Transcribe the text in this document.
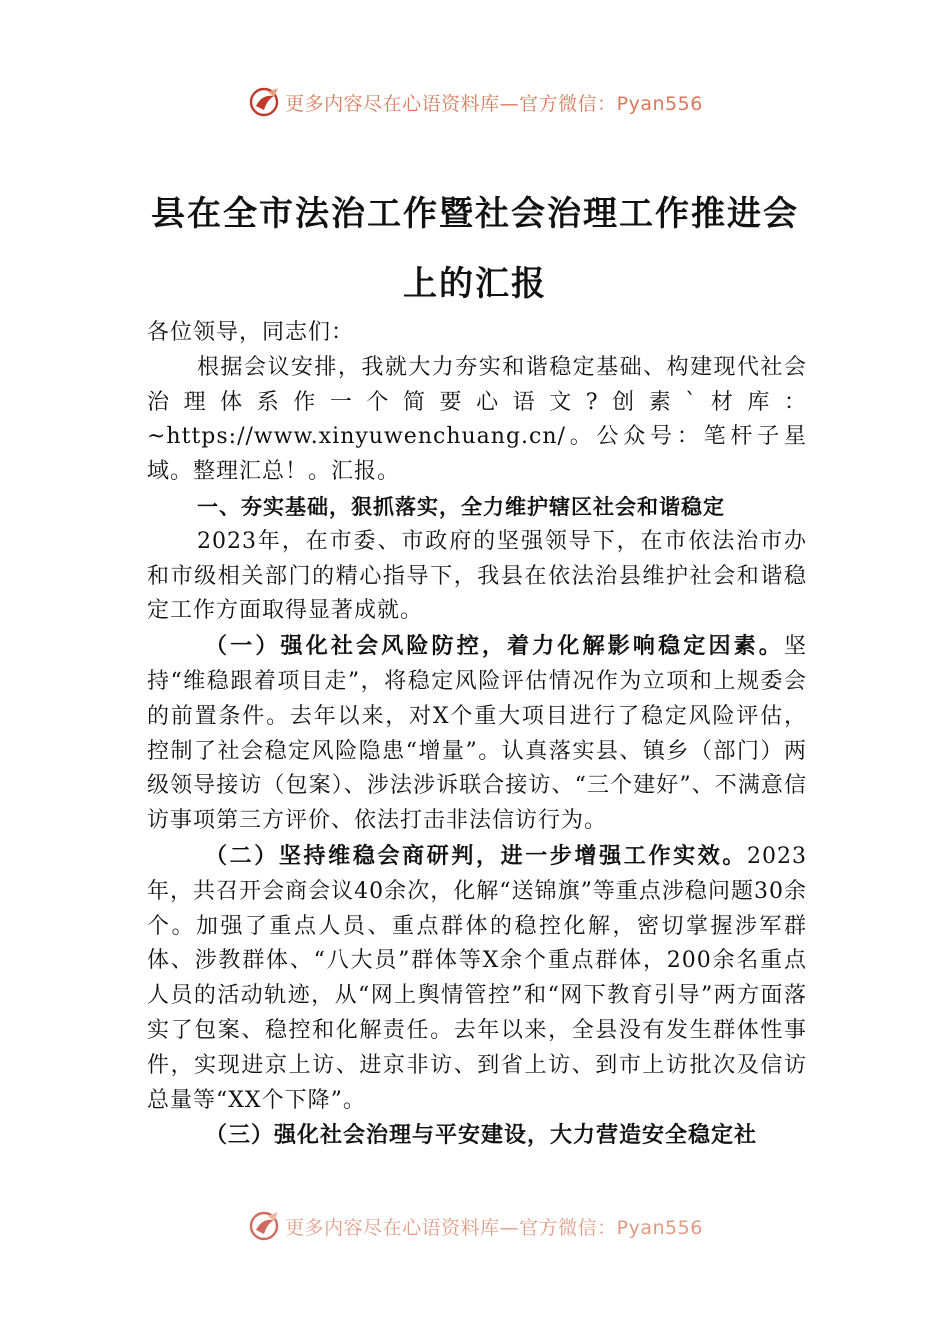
更多内容尽在心语资料库—官方微信：Pyan556
县在全市法治工作暨社会治理工作推进会
上的汇报

各位领导，同志们：

根据会议安排，我就大力夯实和谐稳定基础、构建现代社会治理体系作一个简要心语文?创素`材库：~https://www.xinyuwenchuang.cn/。公众号：笔杆子星域。整理汇总！。汇报。

一、夯实基础，狠抓落实，全力维护辖区社会和谐稳定

2023年，在市委、市政府的坚强领导下，在市依法治市办和市级相关部门的精心指导下，我县在依法治县维护社会和谐稳定工作方面取得显著成就。

（一）强化社会风险防控，着力化解影响稳定因素。坚持“维稳跟着项目走”，将稳定风险评估情况作为立项和上规委会的前置条件。去年以来，对X个重大项目进行了稳定风险评估，控制了社会稳定风险隐患“增量”。认真落实县、镇乡（部门）两级领导接访（包案）、涉法涉诉联合接访、“三个建好”、不满意信访事项第三方评价、依法打击非法信访行为。

（二）坚持维稳会商研判，进一步增强工作实效。2023年，共召开会商会议40余次，化解“送锦旗”等重点涉稳问题30余个。加强了重点人员、重点群体的稳控化解，密切掌握涉军群体、涉教群体、“八大员”群体等X余个重点群体，200余名重点人员的活动轨迹，从“网上舆情管控”和“网下教育引导”两方面落实了包案、稳控和化解责任。去年以来，全县没有发生群体性事件，实现进京上访、进京非访、到省上访、到市上访批次及信访总量等“XX个下降”。

（三）强化社会治理与平安建设，大力营造安全稳定社

更多内容尽在心语资料库—官方微信：Pyan556
